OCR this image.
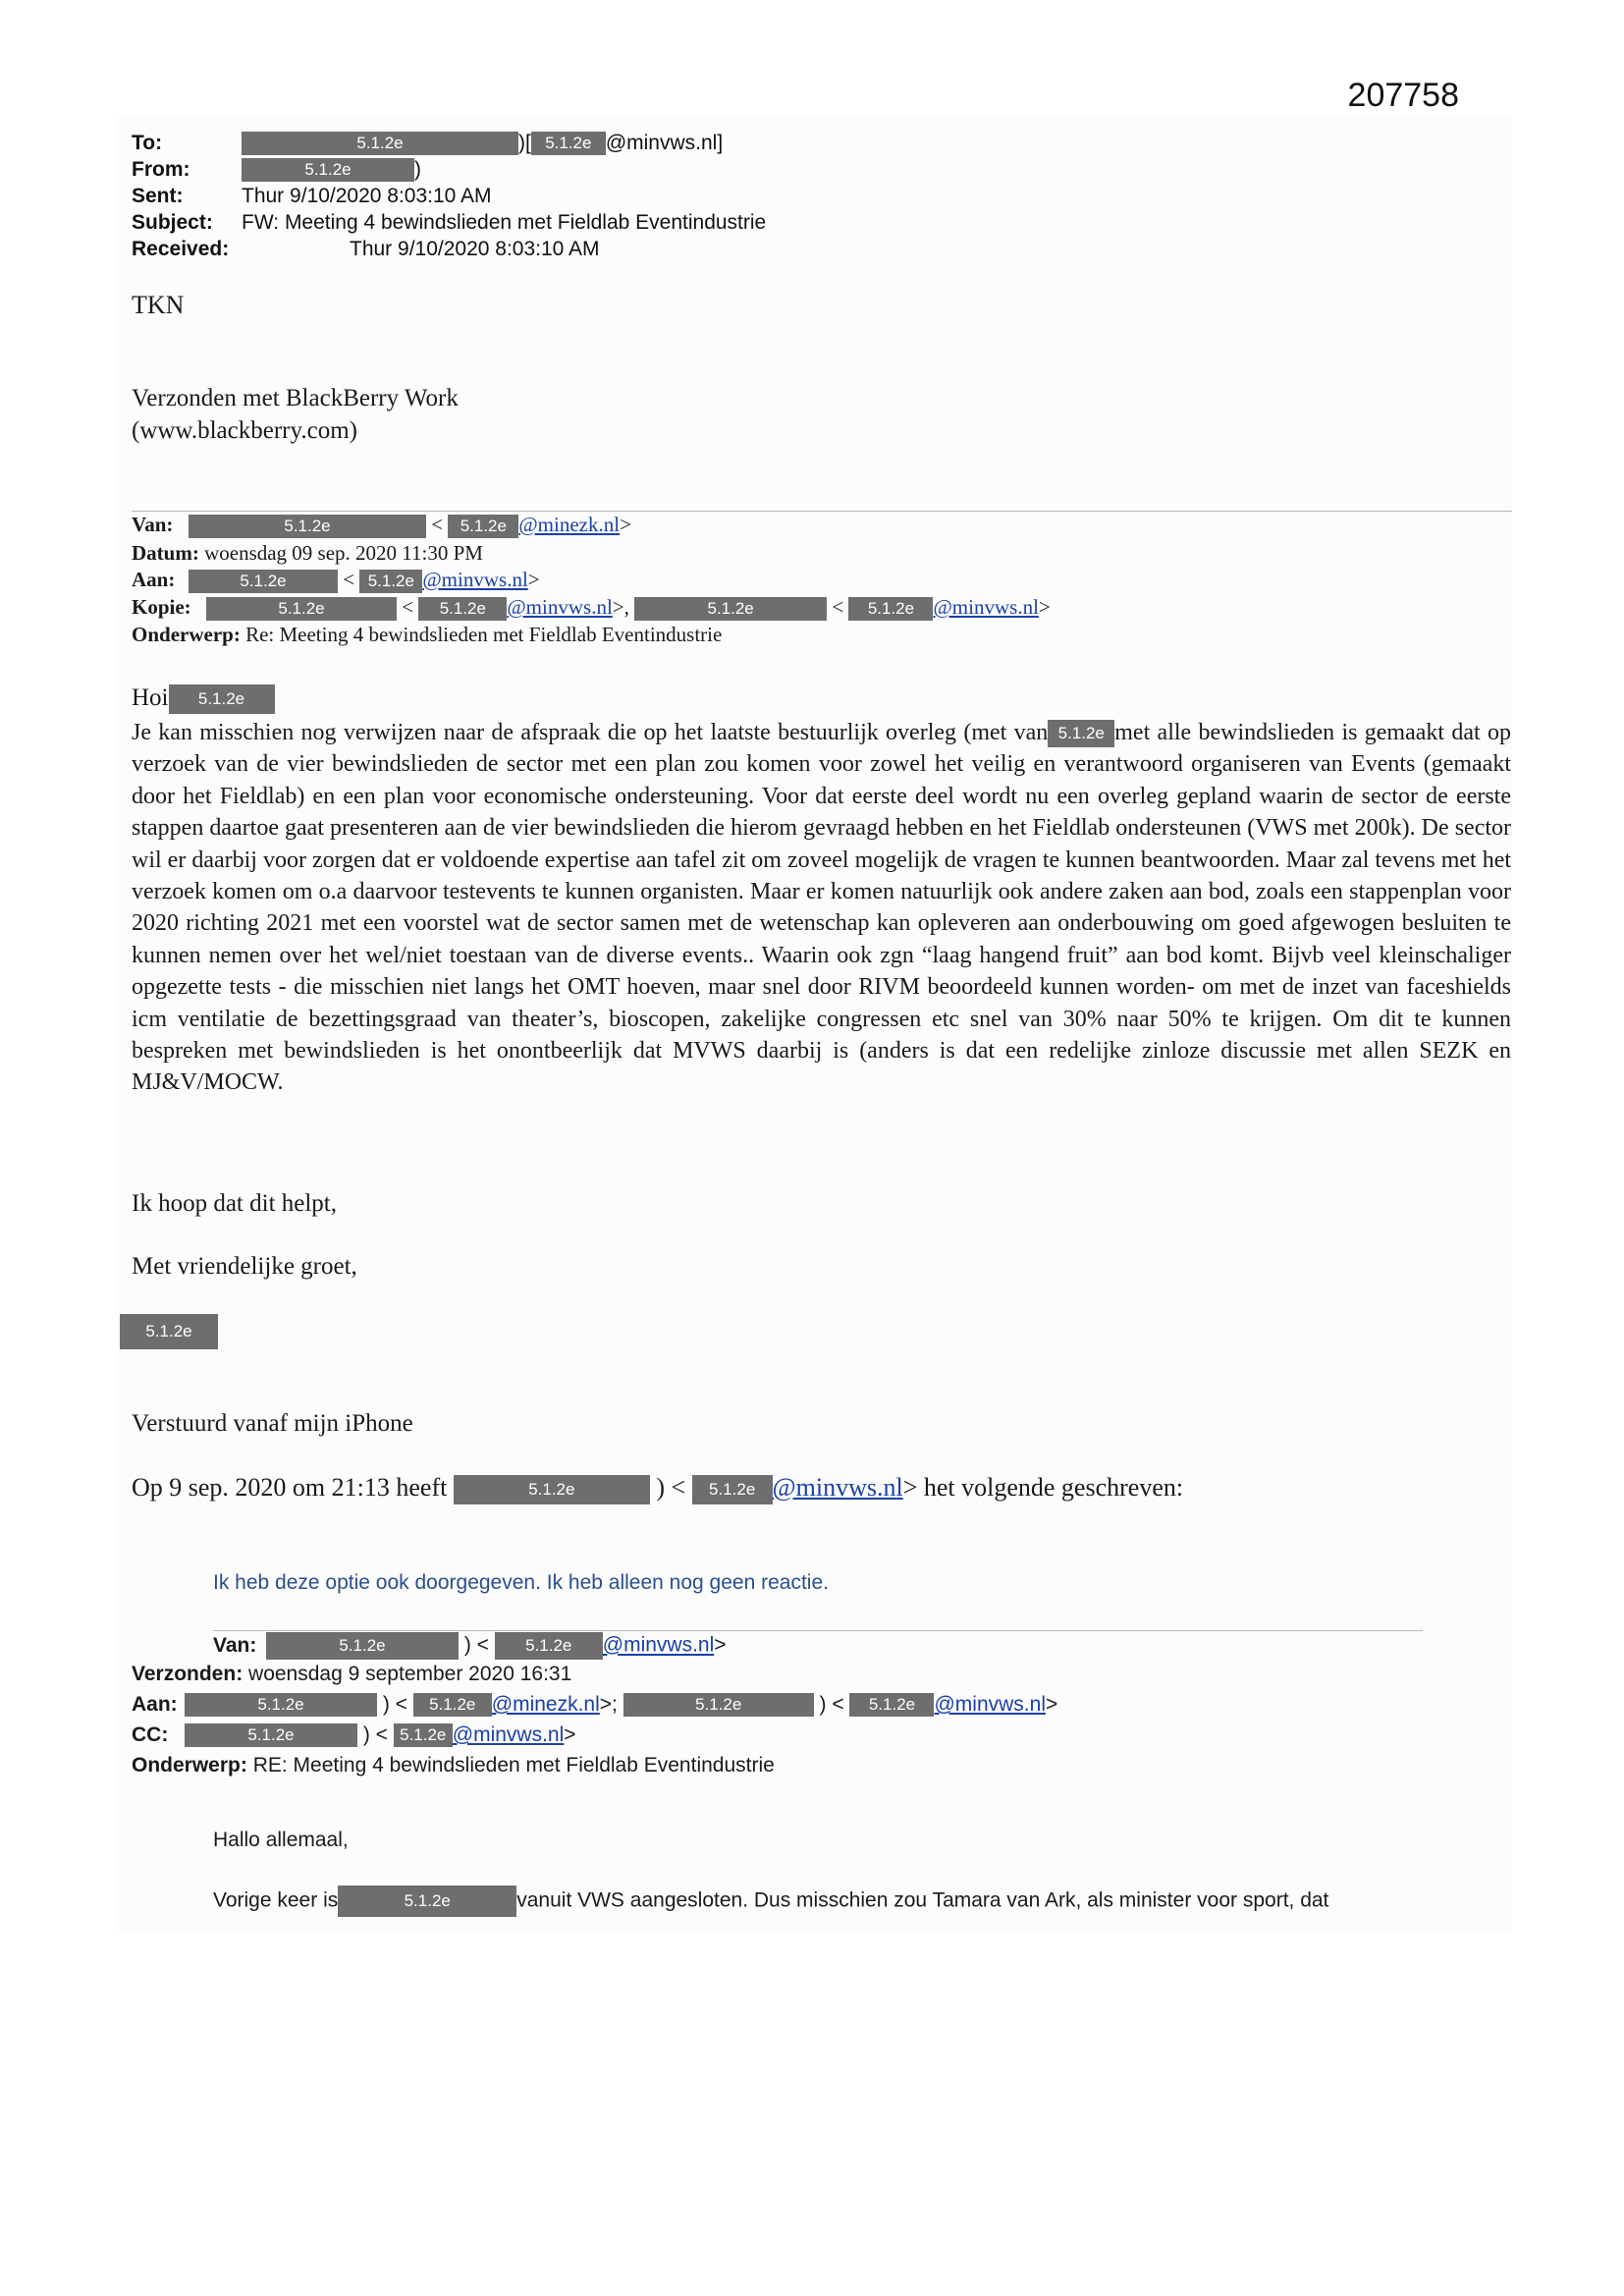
207758
To:	5.1.2e	)[ 5.1.2e @minvws.nl]
From:	5.1.2e	)
Sent:	Thur 9/10/2020 8:03:10 AM
Subject: FW: Meeting 4 bewindslieden met Fieldlab Eventindustrie
Received:	Thur 9/10/2020 8:03:10 AM
TKN
Verzonden met BlackBerry Work
(www.blackberry.com)
Van:	5.1.2e	< 5.1.2e @minezk.nl>
Datum: woensdag 09 sep. 2020 11:30 PM
Aan:	5.1.2e < 5.1.2e @minvws.nl>
Kopie:	5.1.2e	< 5.1.2e @minvws.nl>,	5.1.2e	< 5.1.2e @minvws.nl>
Onderwerp: Re: Meeting 4 bewindslieden met Fieldlab Eventindustrie
Hoi 5.1.2e
Je kan misschien nog verwijzen naar de afspraak die op het laatste bestuurlijk overleg (met van 5.1.2e met alle bewindslieden is gemaakt dat op verzoek van de vier bewindslieden de sector met een plan zou komen voor zowel het veilig en verantwoord organiseren van Events (gemaakt door het Fieldlab) en een plan voor economische ondersteuning. Voor dat eerste deel wordt nu een overleg gepland waarin de sector de eerste stappen daartoe gaat presenteren aan de vier bewindslieden die hierom gevraagd hebben en het Fieldlab ondersteunen (VWS met 200k). De sector wil er daarbij voor zorgen dat er voldoende expertise aan tafel zit om zoveel mogelijk de vragen te kunnen beantwoorden. Maar zal tevens met het verzoek komen om o.a daarvoor testevents te kunnen organisten. Maar er komen natuurlijk ook andere zaken aan bod, zoals een stappenplan voor 2020 richting 2021 met een voorstel wat de sector samen met de wetenschap kan opleveren aan onderbouwing om goed afgewogen besluiten te kunnen nemen over het wel/niet toestaan van de diverse events.. Waarin ook zgn “laag hangend fruit” aan bod komt. Bijvb veel kleinschaliger opgezette tests - die misschien niet langs het OMT hoeven, maar snel door RIVM beoordeeld kunnen worden- om met de inzet van faceshields icm ventilatie de bezettingsgraad van theater’s, bioscopen, zakelijke congressen etc snel van 30% naar 50% te krijgen. Om dit te kunnen bespreken met bewindslieden is het onontbeerlijk dat MVWS daarbij is (anders is dat een redelijke zinloze discussie met allen SEZK en MJ&V/MOCW.
Ik hoop dat dit helpt,
Met vriendelijke groet,
5.1.2e
Verstuurd vanaf mijn iPhone
Op 9 sep. 2020 om 21:13 heeft	5.1.2e	) < 5.1.2e @minvws.nl> het volgende geschreven:
Ik heb deze optie ook doorgegeven. Ik heb alleen nog geen reactie.
Van:	5.1.2e	) < 5.1.2e @minvws.nl>
Verzonden: woensdag 9 september 2020 16:31
Aan:	5.1.2e	) < 5.1.2e @minezk.nl>;	5.1.2e	) < 5.1.2e @minvws.nl>
CC:	5.1.2e	) < 5.1.2e @minvws.nl>
Onderwerp: RE: Meeting 4 bewindslieden met Fieldlab Eventindustrie
Hallo allemaal,
Vorige keer is	5.1.2e	vanuit VWS aangesloten. Dus misschien zou Tamara van Ark, als minister voor sport, dat
